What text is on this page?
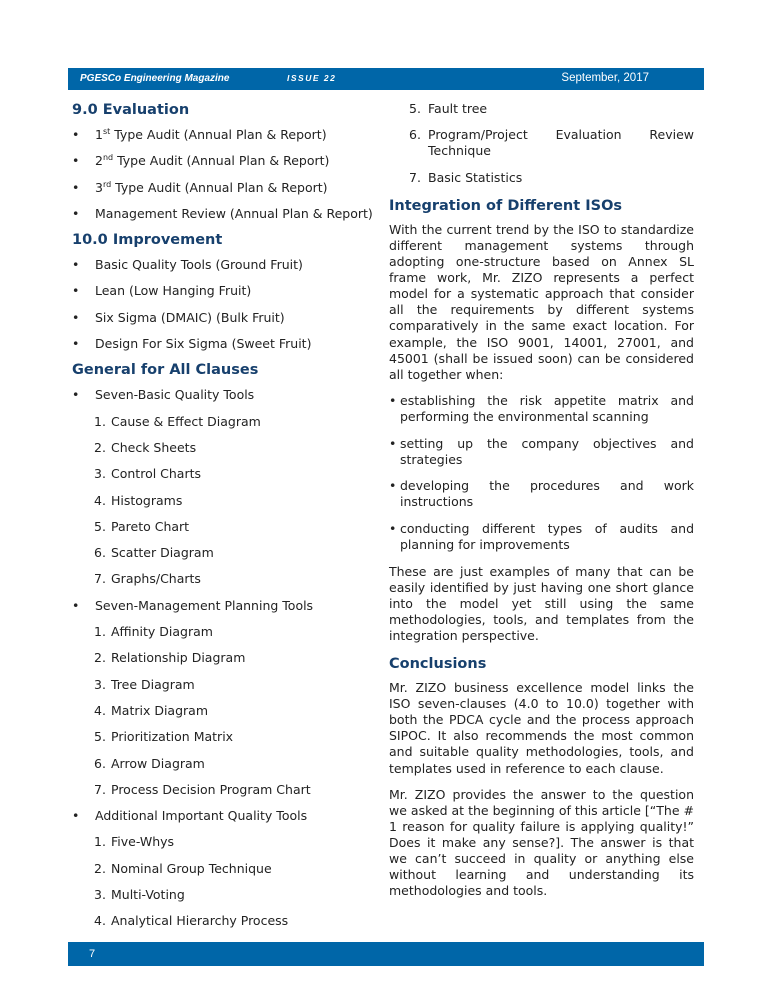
PGESCo Engineering Magazine	ISSUE 22	September, 2017
9.0 Evaluation
• 1st Type Audit (Annual Plan & Report)
• 2nd Type Audit (Annual Plan & Report)
• 3rd Type Audit (Annual Plan & Report)
• Management Review (Annual Plan & Report)
10.0 Improvement
• Basic Quality Tools (Ground Fruit)
• Lean (Low Hanging Fruit)
• Six Sigma (DMAIC) (Bulk Fruit)
• Design For Six Sigma (Sweet Fruit)
General for All Clauses
• Seven-Basic Quality Tools
1. Cause & Effect Diagram
2. Check Sheets
3. Control Charts
4. Histograms
5. Pareto Chart
6. Scatter Diagram
7. Graphs/Charts
• Seven-Management Planning Tools
1. Affinity Diagram
2. Relationship Diagram
3. Tree Diagram
4. Matrix Diagram
5. Prioritization Matrix
6. Arrow Diagram
7. Process Decision Program Chart
• Additional Important Quality Tools
1. Five-Whys
2. Nominal Group Technique
3. Multi-Voting
4. Analytical Hierarchy Process
5. Fault tree
6. Program/Project Evaluation Review Technique
7. Basic Statistics
Integration of Different ISOs

With the current trend by the ISO to standardize different management systems through adopting one-structure based on Annex SL frame work, Mr. ZIZO represents a perfect model for a systematic approach that consider all the requirements by different systems comparatively in the same exact location. For example, the ISO 9001, 14001, 27001, and 45001 (shall be issued soon) can be considered all together when:

• establishing the risk appetite matrix and performing the environmental scanning
• setting up the company objectives and strategies
• developing the procedures and work instructions
• conducting different types of audits and planning for improvements

These are just examples of many that can be easily identified by just having one short glance into the model yet still using the same methodologies, tools, and templates from the integration perspective.

Conclusions

Mr. ZIZO business excellence model links the ISO seven-clauses (4.0 to 10.0) together with both the PDCA cycle and the process approach SIPOC. It also recommends the most common and suitable quality methodologies, tools, and templates used in reference to each clause.

Mr. ZIZO provides the answer to the question we asked at the beginning of this article [“The # 1 reason for quality failure is applying quality!” Does it make any sense?]. The answer is that we can’t succeed in quality or anything else without learning and understanding its methodologies and tools.

7
